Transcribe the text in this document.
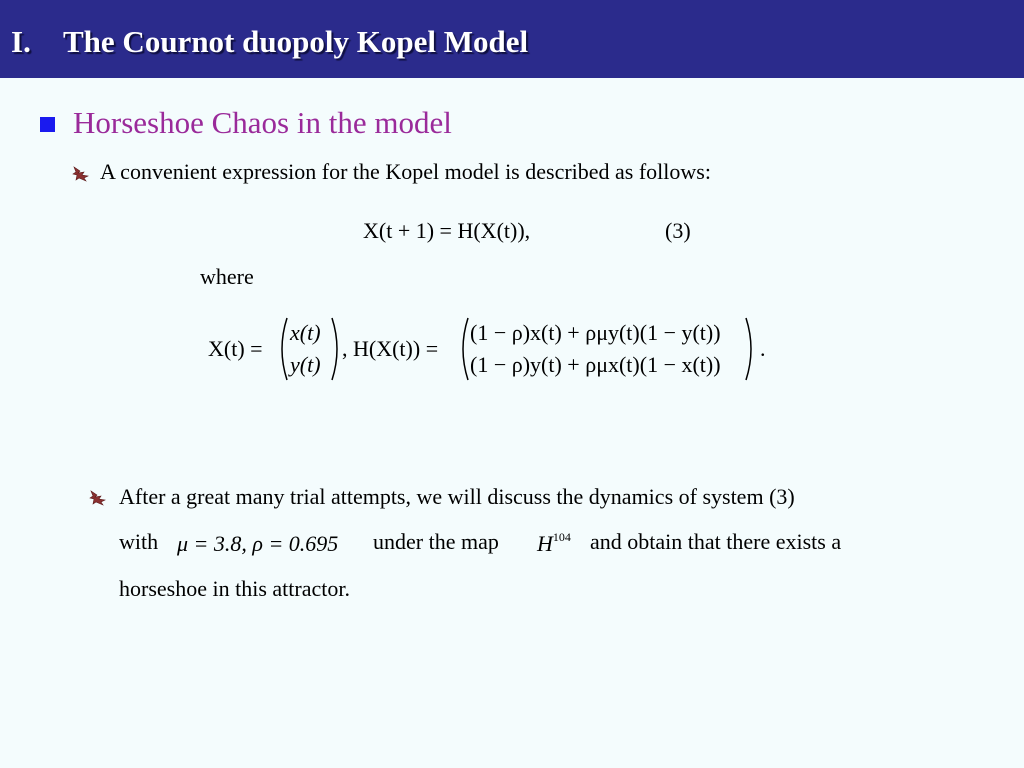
I. The Cournot duopoly Kopel Model
Horseshoe Chaos in the model
A convenient expression for the Kopel model is described as follows:
X(t + 1) = H(X(t)),	(3)
where
X(t) =
x(t)
y(t)
, H(X(t)) =
(1 − ρ)x(t) + ρμy(t)(1 − y(t))
(1 − ρ)y(t) + ρμx(t)(1 − x(t))
.
After a great many trial attempts, we will discuss the dynamics of system (3)
with μ = 3.8, ρ = 0.695 under the map $H^{104}$ and obtain that there exists a
horseshoe in this attractor.
